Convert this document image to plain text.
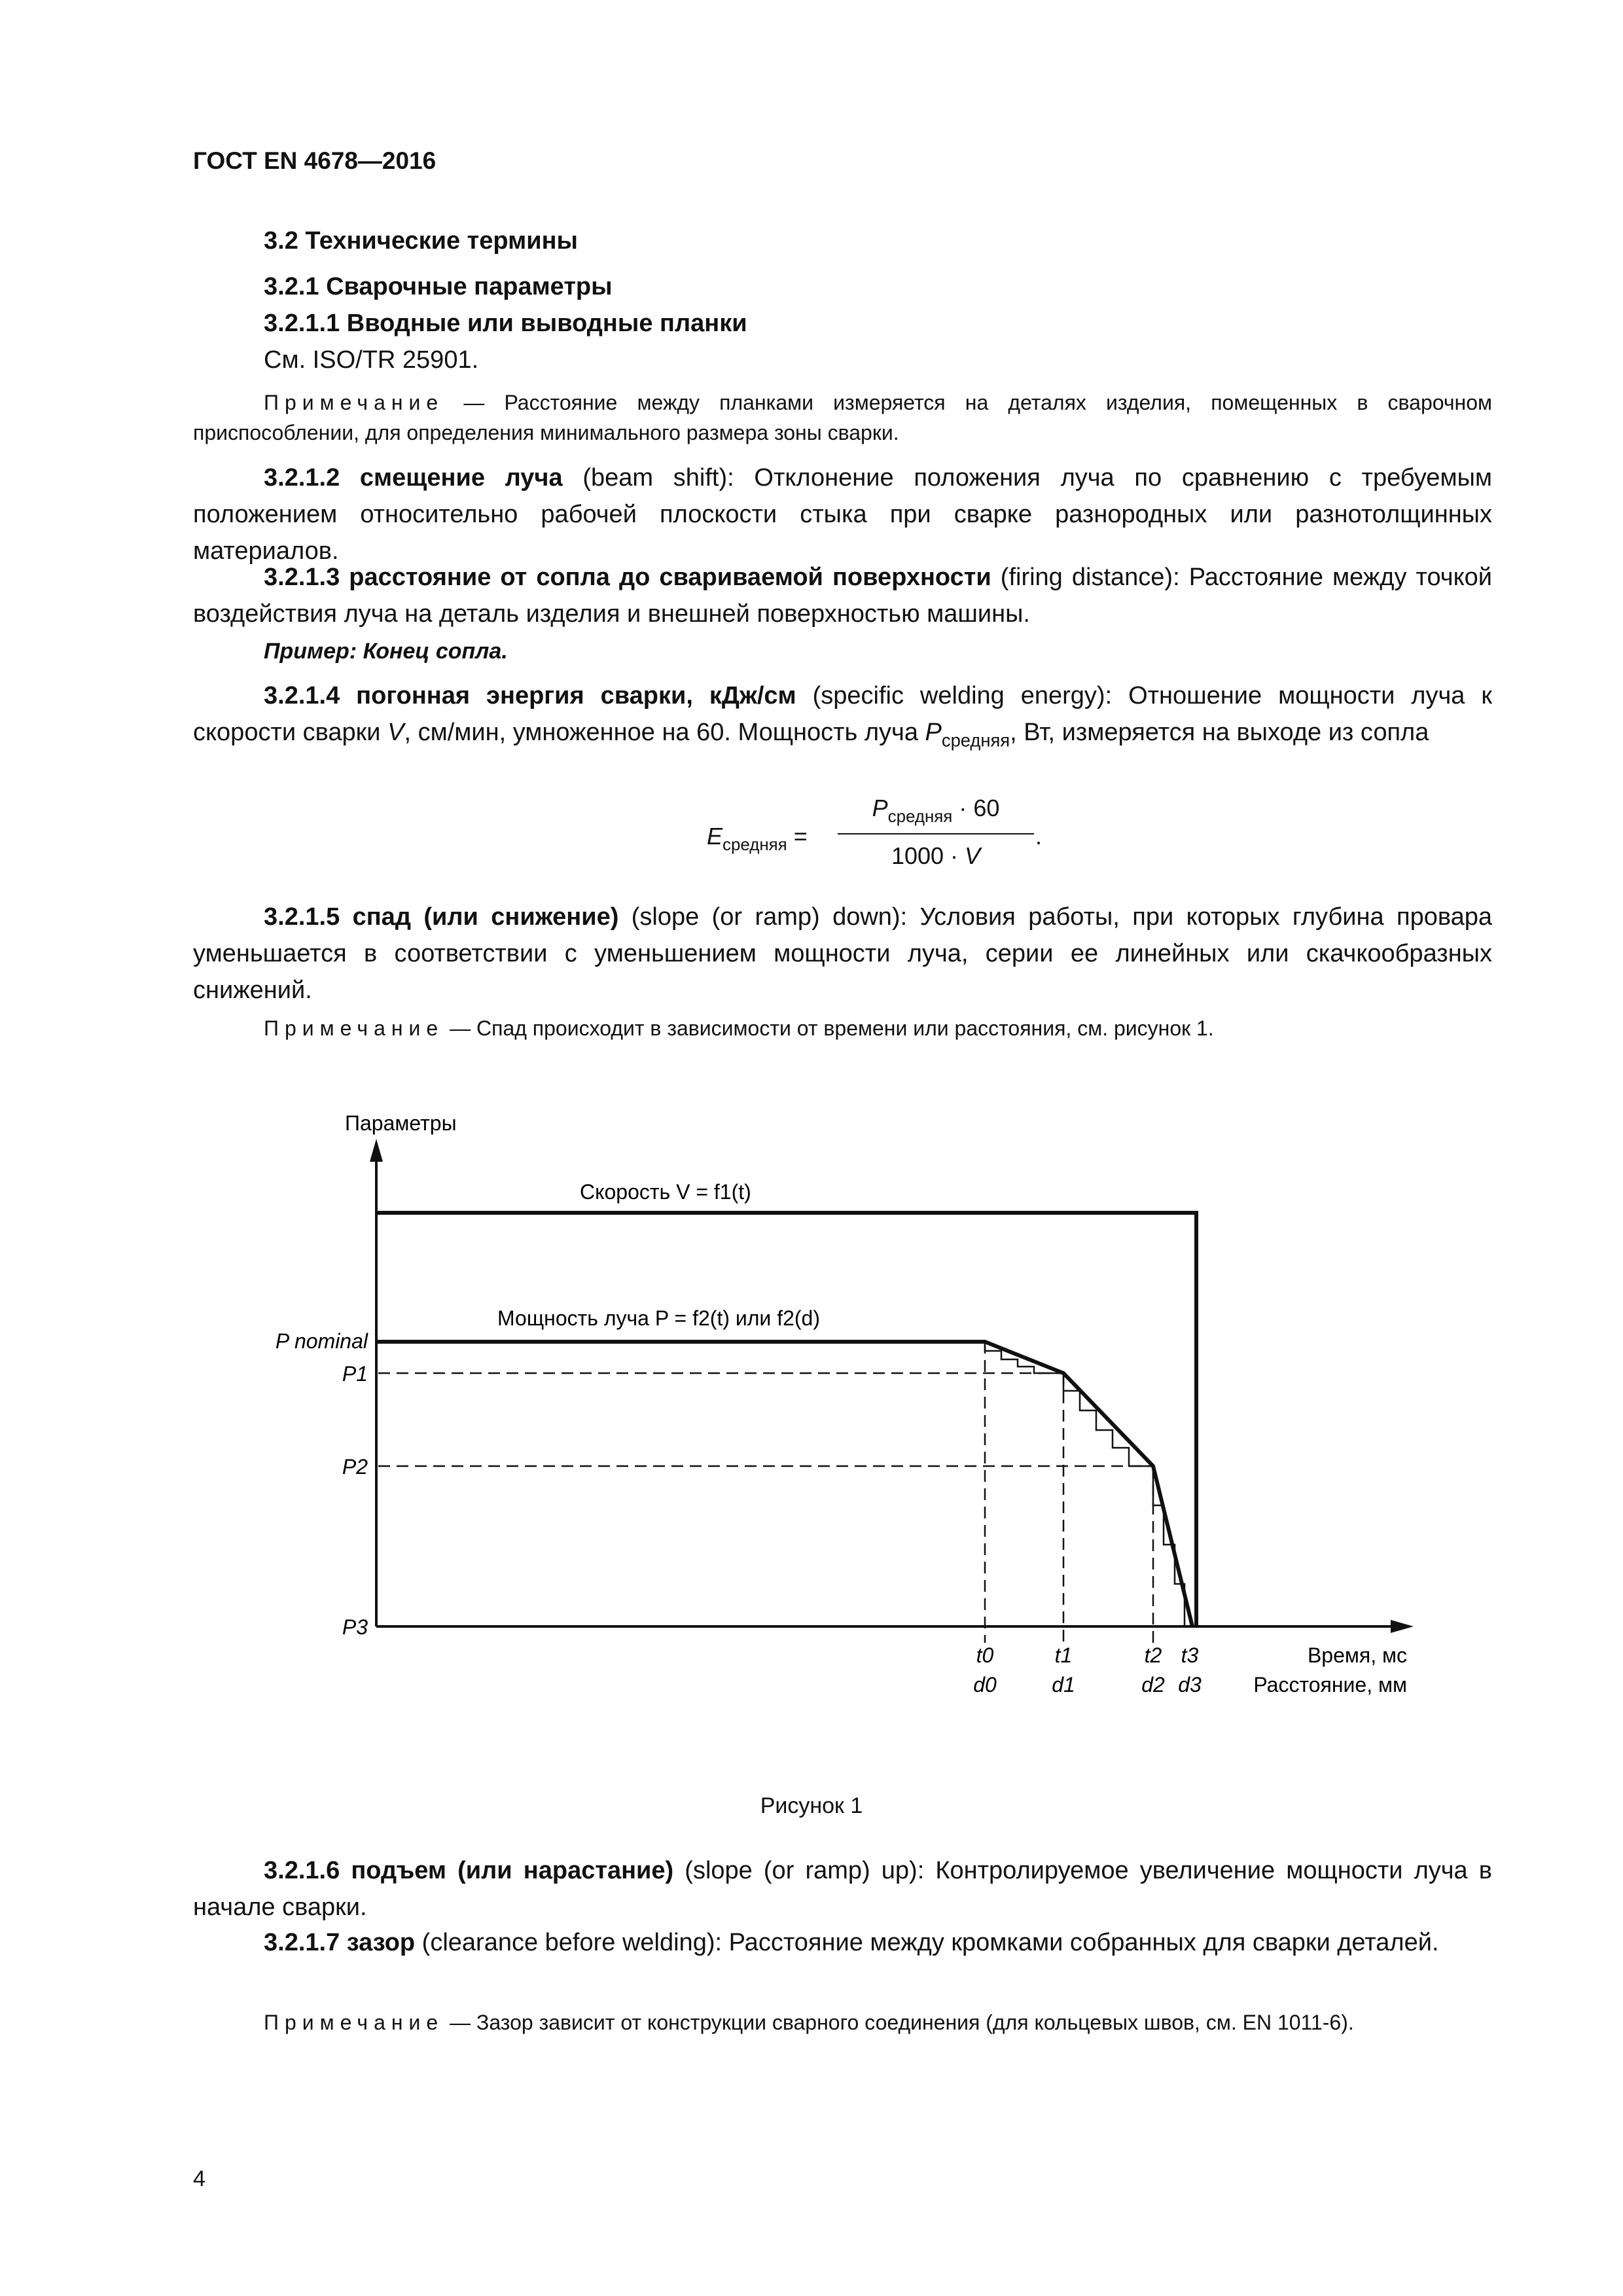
ГОСТ EN 4678—2016

3.2 Технические термины

3.2.1 Сварочные параметры

3.2.1.1 Вводные или выводные планки

См. ISO/TR 25901.

Примечание — Расстояние между планками измеряется на деталях изделия, помещенных в сварочном приспособлении, для определения минимального размера зоны сварки.

3.2.1.2 смещение луча (beam shift): Отклонение положения луча по сравнению с требуемым положением относительно рабочей плоскости стыка при сварке разнородных или разнотолщинных материалов.

3.2.1.3 расстояние от сопла до свариваемой поверхности (firing distance): Расстояние между точкой воздействия луча на деталь изделия и внешней поверхностью машины.

Пример: Конец сопла.

3.2.1.4 погонная энергия сварки, кДж/см (specific welding energy): Отношение мощности луча к скорости сварки V, см/мин, умноженное на 60. Мощность луча $P_{средняя}$, Вт, измеряется на выходе из сопла

$E_{средняя}$ =
$P_{средняя} \cdot 60$
1000 · V
.

3.2.1.5 спад (или снижение) (slope (or ramp) down): Условия работы, при которых глубина провара уменьшается в соответствии с уменьшением мощности луча, серии ее линейных или скачкообразных снижений.

Примечание — Спад происходит в зависимости от времени или расстояния, см. рисунок 1.

Параметры
Скорость V = f1(t)
Мощность луча P = f2(t) или f2(d)
P nominal
P1
P2
P3
t0	t1	t2 t3
d0	d1	d2 d3
Время, мс
Расстояние, мм
Рисунок 1

3.2.1.6 подъем (или нарастание) (slope (or ramp) up): Контролируемое увеличение мощности луча в начале сварки.

3.2.1.7 зазор (clearance before welding): Расстояние между кромками собранных для сварки деталей.

Примечание — Зазор зависит от конструкции сварного соединения (для кольцевых швов, см. EN 1011-6).

4
